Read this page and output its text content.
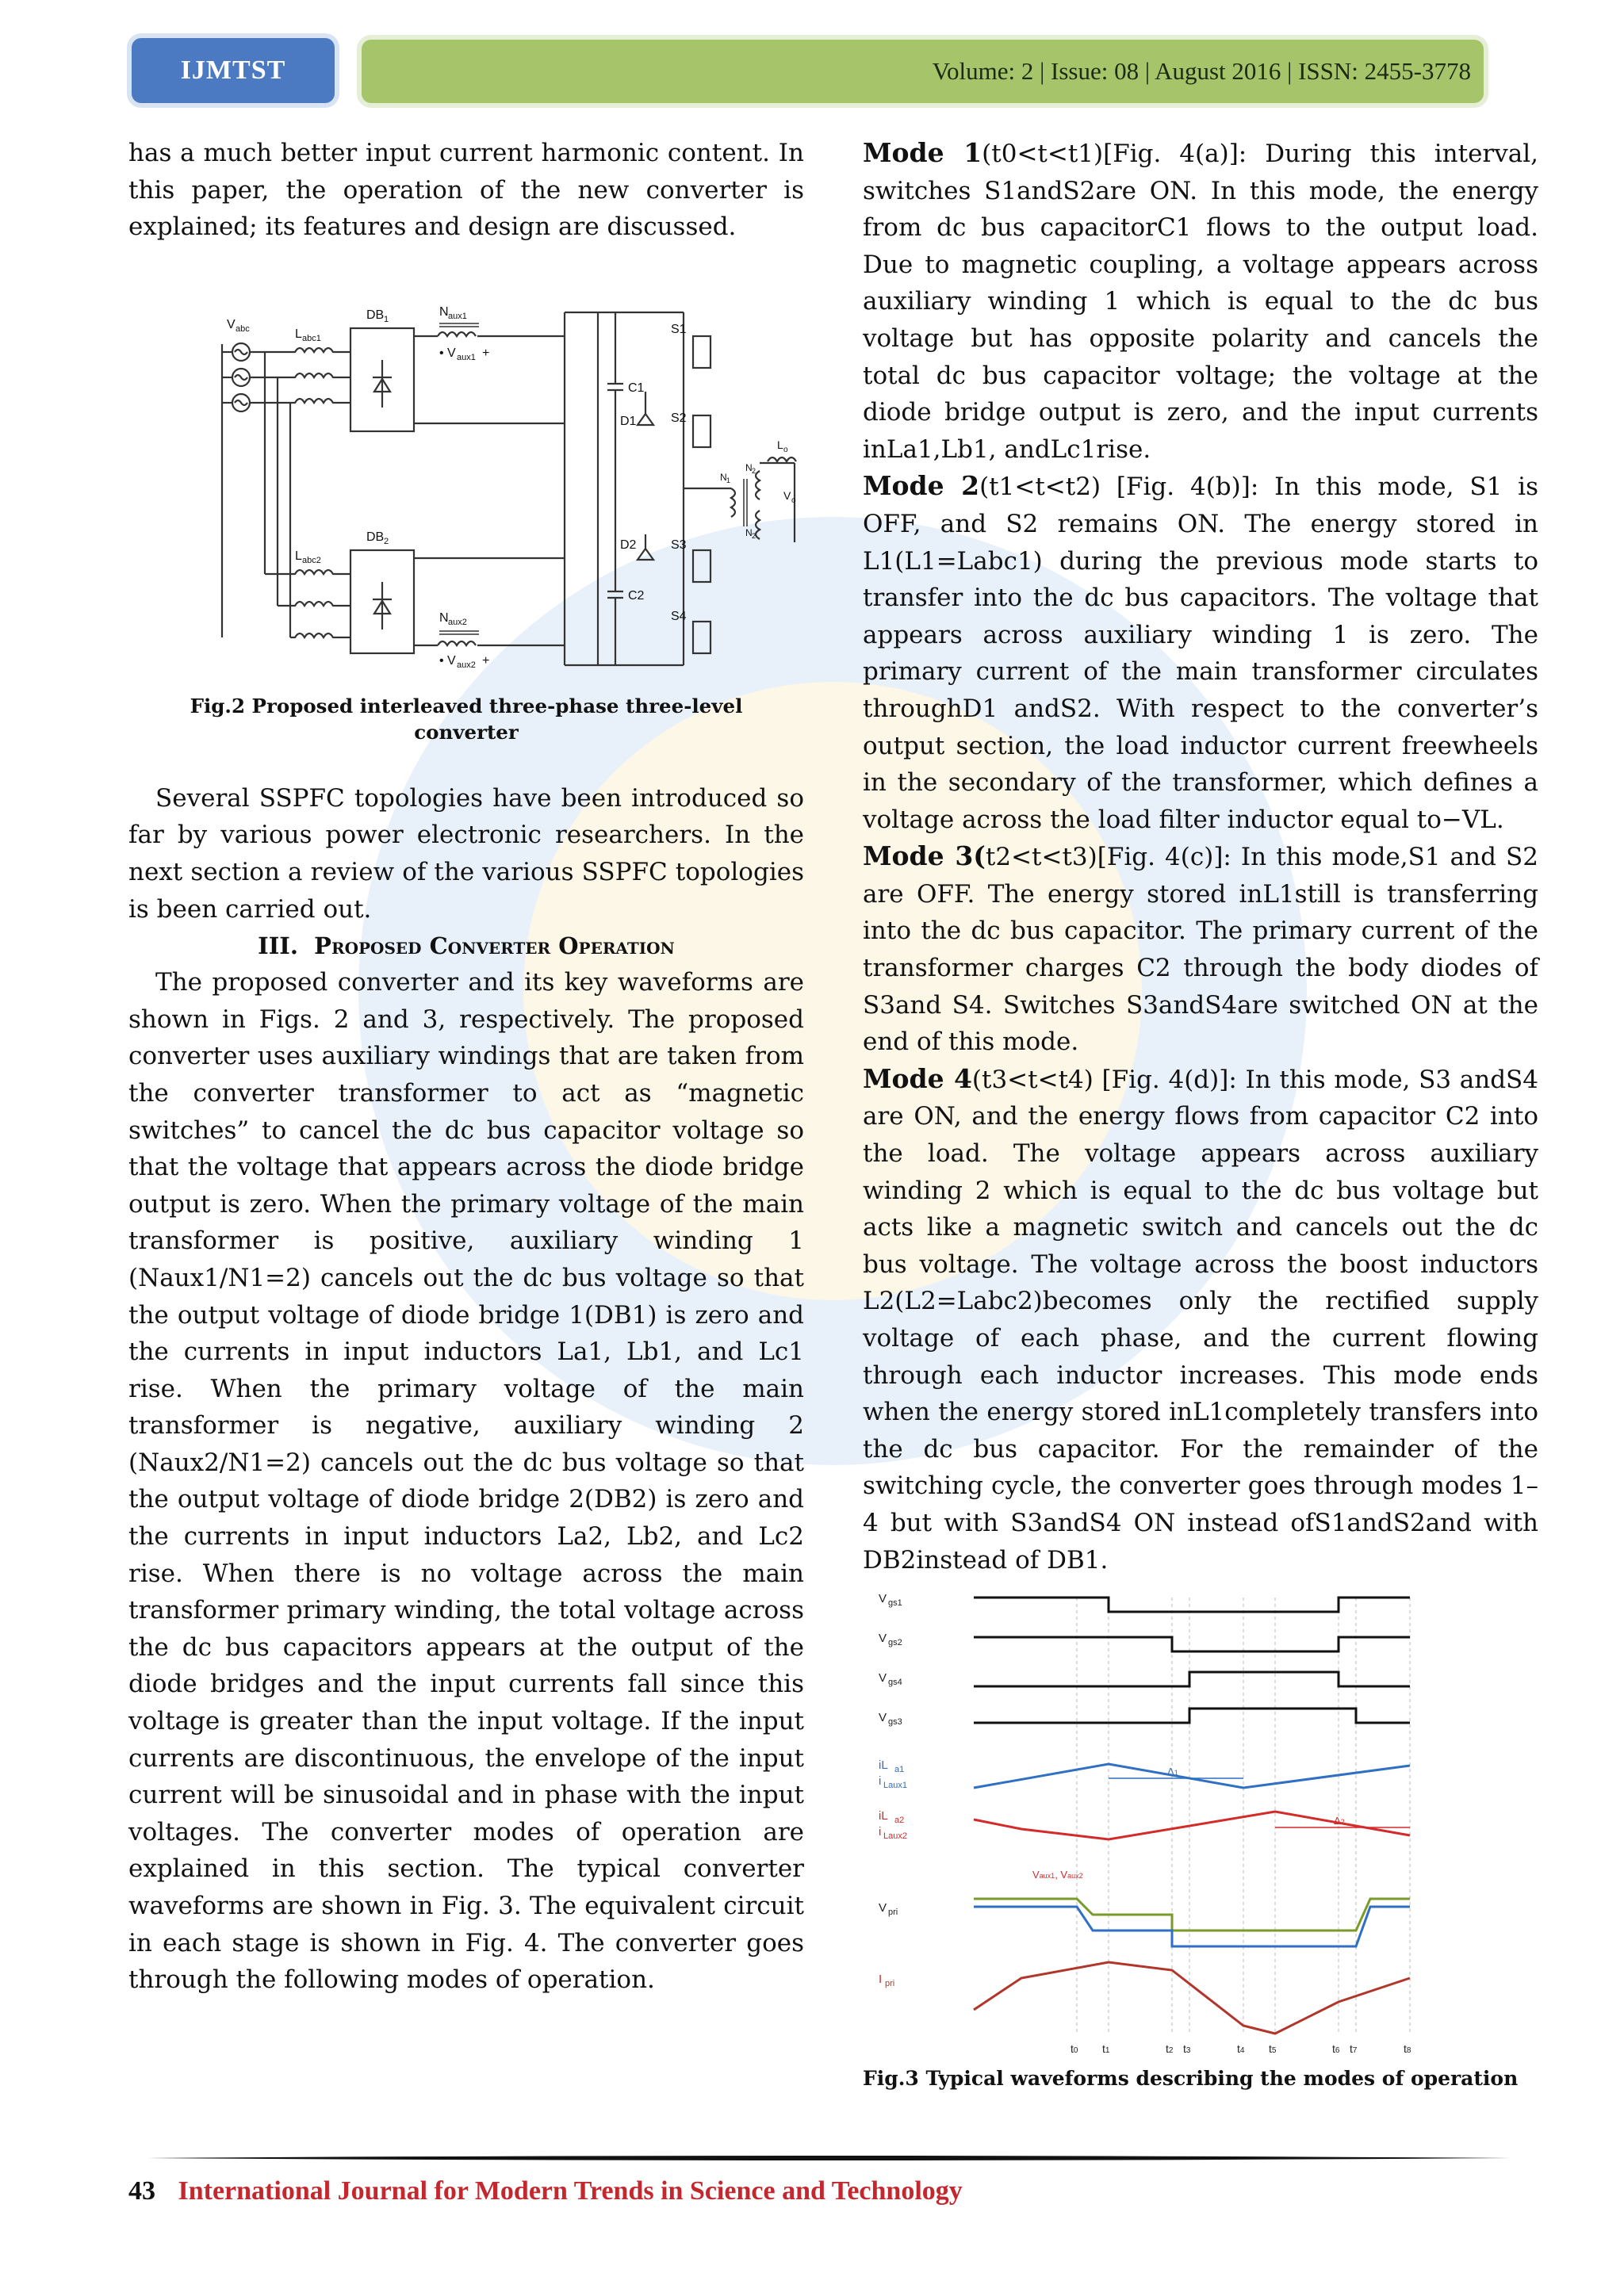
IJMTST	Volume: 2 | Issue: 08 | August 2016 | ISSN: 2455-3778

has a much better input current harmonic content. In this paper, the operation of the new converter is explained; its features and design are discussed.

V abc	L abc1
L abc2
DB 1
DB 2
N aux1
• V aux1 +
N aux2
• V aux2 +
C1
C2
D1
D2
S1
S2
S3
S4
N 1
N 2
N 2
L o
V o

Fig.2 Proposed interleaved three-phase three-level
converter

Several SSPFC topologies have been introduced so far by various power electronic researchers. In the next section a review of the various SSPFC topologies is been carried out.

III. Proposed Converter Operation

The proposed converter and its key waveforms are shown in Figs. 2 and 3, respectively. The proposed converter uses auxiliary windings that are taken from the converter transformer to act as “magnetic switches” to cancel the dc bus capacitor voltage so that the voltage that appears across the diode bridge output is zero. When the primary voltage of the main transformer is positive, auxiliary winding 1 (Naux1/N1=2) cancels out the dc bus voltage so that the output voltage of diode bridge 1(DB1) is zero and the currents in input inductors La1, Lb1, and Lc1 rise. When the primary voltage of the main transformer is negative, auxiliary winding 2 (Naux2/N1=2) cancels out the dc bus voltage so that the output voltage of diode bridge 2(DB2) is zero and the currents in input inductors La2, Lb2, and Lc2 rise. When there is no voltage across the main transformer primary winding, the total voltage across the dc bus capacitors appears at the output of the diode bridges and the input currents fall since this voltage is greater than the input voltage. If the input currents are discontinuous, the envelope of the input current will be sinusoidal and in phase with the input voltages. The converter modes of operation are explained in this section. The typical converter waveforms are shown in Fig. 3. The equivalent circuit in each stage is shown in Fig. 4. The converter goes through the following modes of operation.

Mode 1(t0<t<t1)[Fig. 4(a)]: During this interval, switches S1andS2are ON. In this mode, the energy from dc bus capacitorC1 flows to the output load. Due to magnetic coupling, a voltage appears across auxiliary winding 1 which is equal to the dc bus voltage but has opposite polarity and cancels the total dc bus capacitor voltage; the voltage at the diode bridge output is zero, and the input currents inLa1,Lb1, andLc1rise.

Mode 2(t1<t<t2) [Fig. 4(b)]: In this mode, S1 is OFF, and S2 remains ON. The energy stored in L1(L1=Labc1) during the previous mode starts to transfer into the dc bus capacitors. The voltage that appears across auxiliary winding 1 is zero. The primary current of the main transformer circulates throughD1 andS2. With respect to the converter’s output section, the load inductor current freewheels in the secondary of the transformer, which defines a voltage across the load filter inductor equal to−VL.

Mode 3(t2<t<t3)[Fig. 4(c)]: In this mode,S1 and S2 are OFF. The energy stored inL1still is transferring into the dc bus capacitor. The primary current of the transformer charges C2 through the body diodes of S3and S4. Switches S3andS4are switched ON at the end of this mode.

Mode 4(t3<t<t4) [Fig. 4(d)]: In this mode, S3 andS4 are ON, and the energy flows from capacitor C2 into the load. The voltage appears across auxiliary winding 2 which is equal to the dc bus voltage but acts like a magnetic switch and cancels out the dc bus voltage. The voltage across the boost inductors L2(L2=Labc2)becomes only the rectified supply voltage of each phase, and the current flowing through each inductor increases. This mode ends when the energy stored inL1completely transfers into the dc bus capacitor. For the remainder of the switching cycle, the converter goes through modes 1–4 but with S3andS4 ON instead ofS1andS2and with DB2instead of DB1.

V gs1
V gs2
V gs4
V gs3
iL a1
i Laux1
iL a2
i Laux2
V pri
I pri
Vaux1, Vaux2
Δ1
Δ2
t0 t1	t2 t3	t4 t5	t6 t7	t8

Fig.3 Typical waveforms describing the modes of operation

43 International Journal for Modern Trends in Science and Technology
